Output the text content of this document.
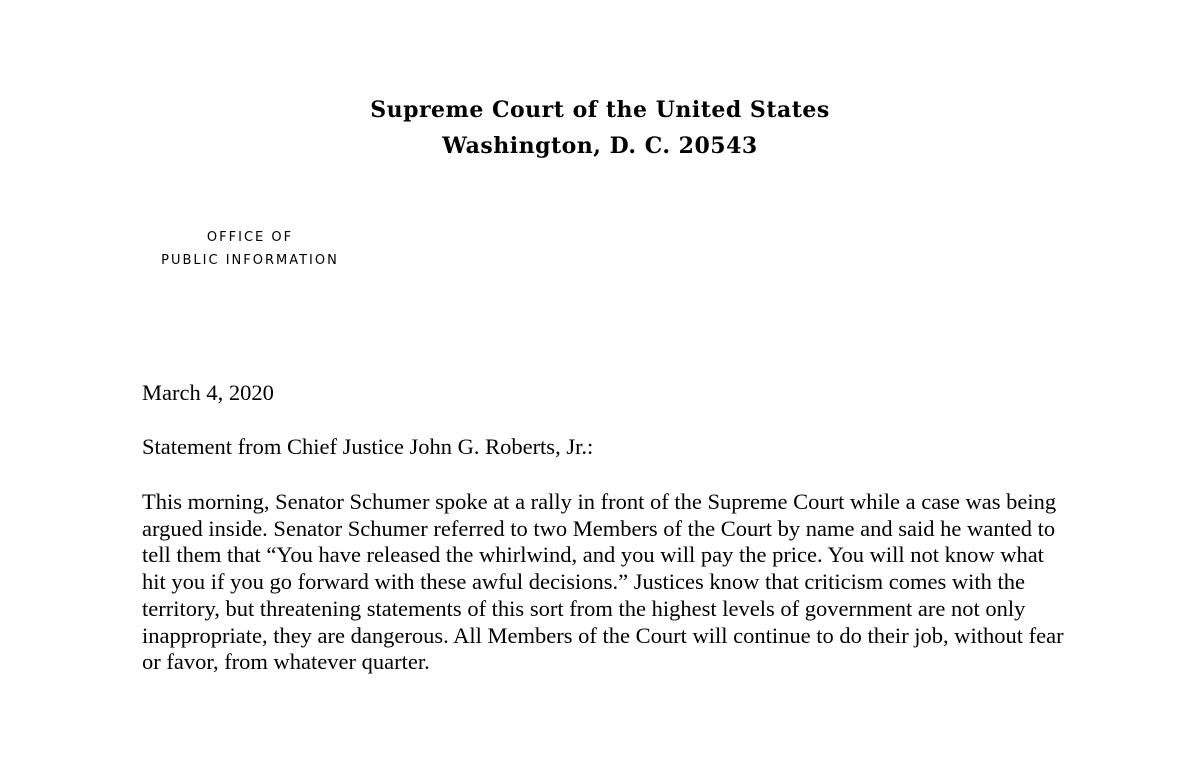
Supreme Court of the United States
Washington, D. C. 20543
OFFICE OF
PUBLIC INFORMATION
March 4, 2020
Statement from Chief Justice John G. Roberts, Jr.:
This morning, Senator Schumer spoke at a rally in front of the Supreme Court while a case was being argued inside. Senator Schumer referred to two Members of the Court by name and said he wanted to tell them that “You have released the whirlwind, and you will pay the price. You will not know what hit you if you go forward with these awful decisions.” Justices know that criticism comes with the territory, but threatening statements of this sort from the highest levels of government are not only inappropriate, they are dangerous. All Members of the Court will continue to do their job, without fear or favor, from whatever quarter.
